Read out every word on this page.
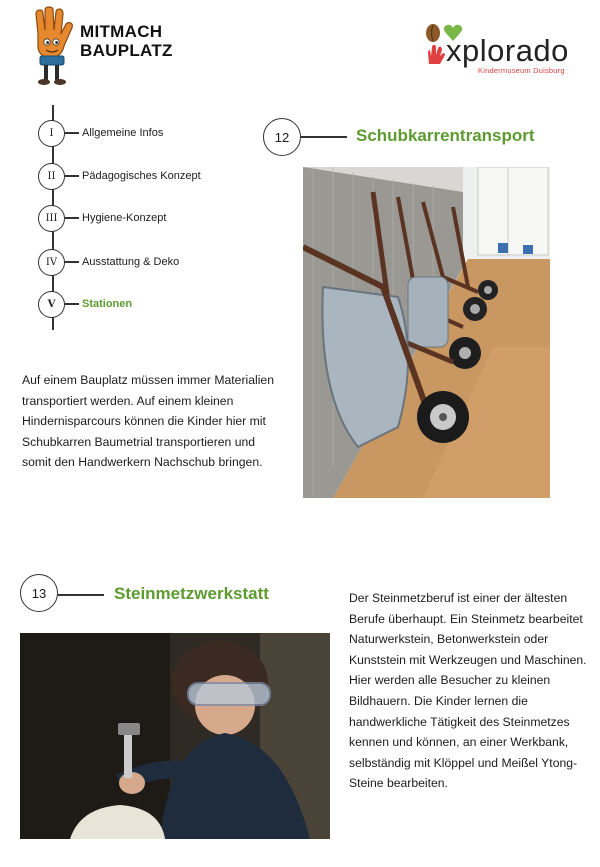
MITMACH
BAUPLATZ	xplorado
Kindermuseum Duisburg
I	Allgemeine Infos
II	Pädagogisches Konzept
III	Hygiene-Konzept
IV	Ausstattung & Deko
V	Stationen
12	Schubkarrentransport

Auf einem Bauplatz müssen immer Materialien transportiert werden. Auf einem kleinen Hindernisparcours können die Kinder hier mit Schubkarren Baumetrial transportieren und somit den Handwerkern Nachschub bringen.

13	Steinmetzwerkstatt	Der Steinmetzberuf ist einer der ältesten Berufe überhaupt. Ein Steinmetz bearbeitet Naturwerkstein, Betonwerkstein oder Kunststein mit Werkzeugen und Maschinen. Hier werden alle Besucher zu kleinen Bildhauern. Die Kinder lernen die handwerkliche Tätigkeit des Steinmetzes kennen und können, an einer Werkbank, selbständig mit Klöppel und Meißel Ytong- Steine bearbeiten.
